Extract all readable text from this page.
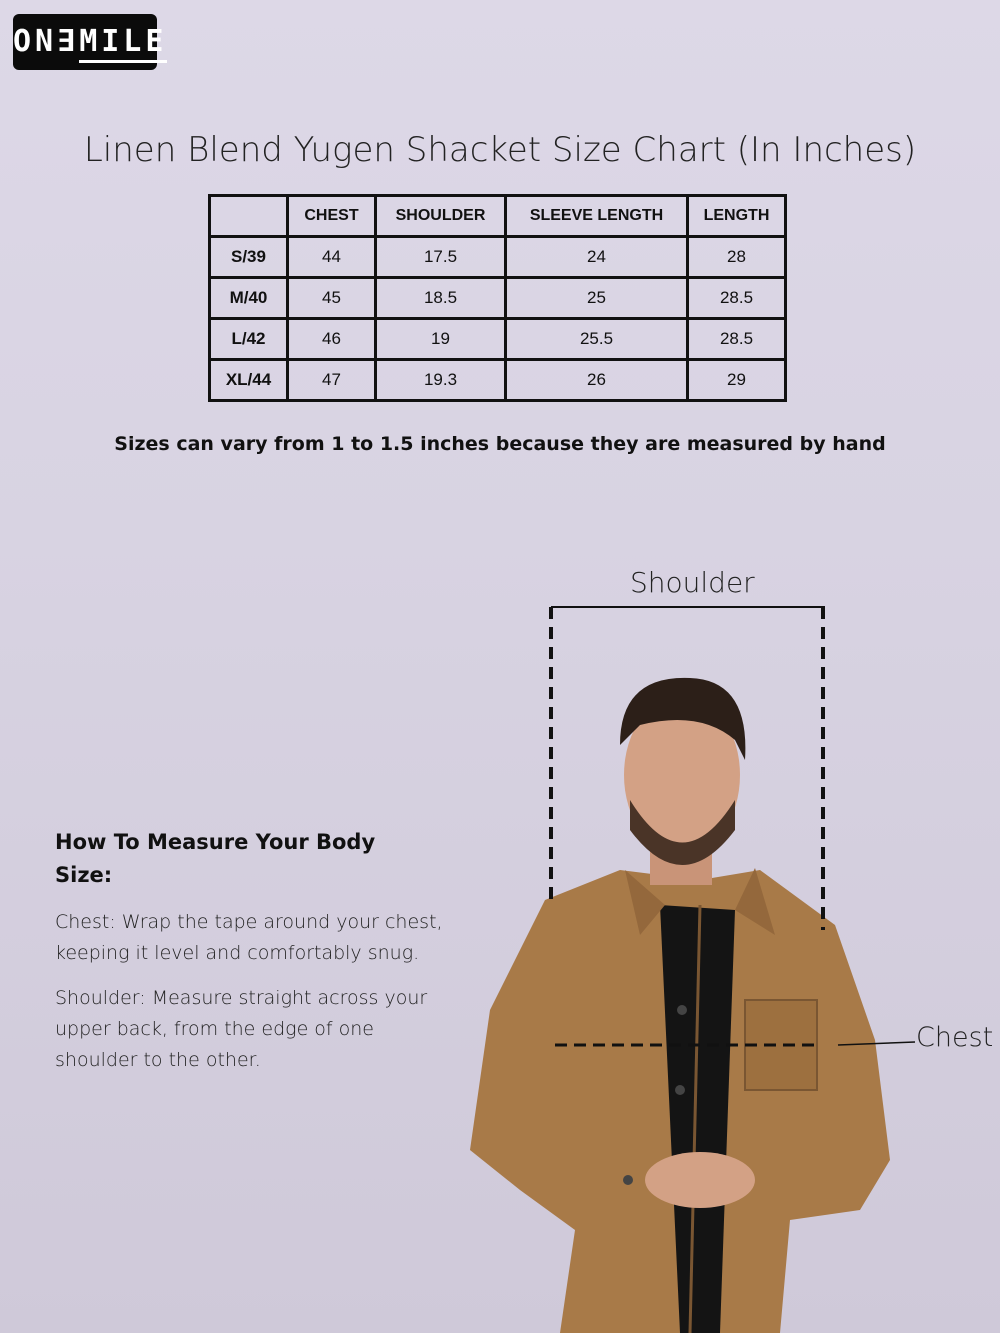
ON∃MILE
Linen Blend Yugen Shacket Size Chart (In Inches)
	CHEST	SHOULDER	SLEEVE LENGTH	LENGTH
S/39	44	17.5	24	28
M/40	45	18.5	25	28.5
L/42	46	19	25.5	28.5
XL/44	47	19.3	26	29
Sizes can vary from 1 to 1.5 inches because they are measured by hand
Shoulder
Chest
How To Measure Your Body Size:
Chest: Wrap the tape around your chest, keeping it level and comfortably snug.
Shoulder: Measure straight across your upper back, from the edge of one shoulder to the other.
